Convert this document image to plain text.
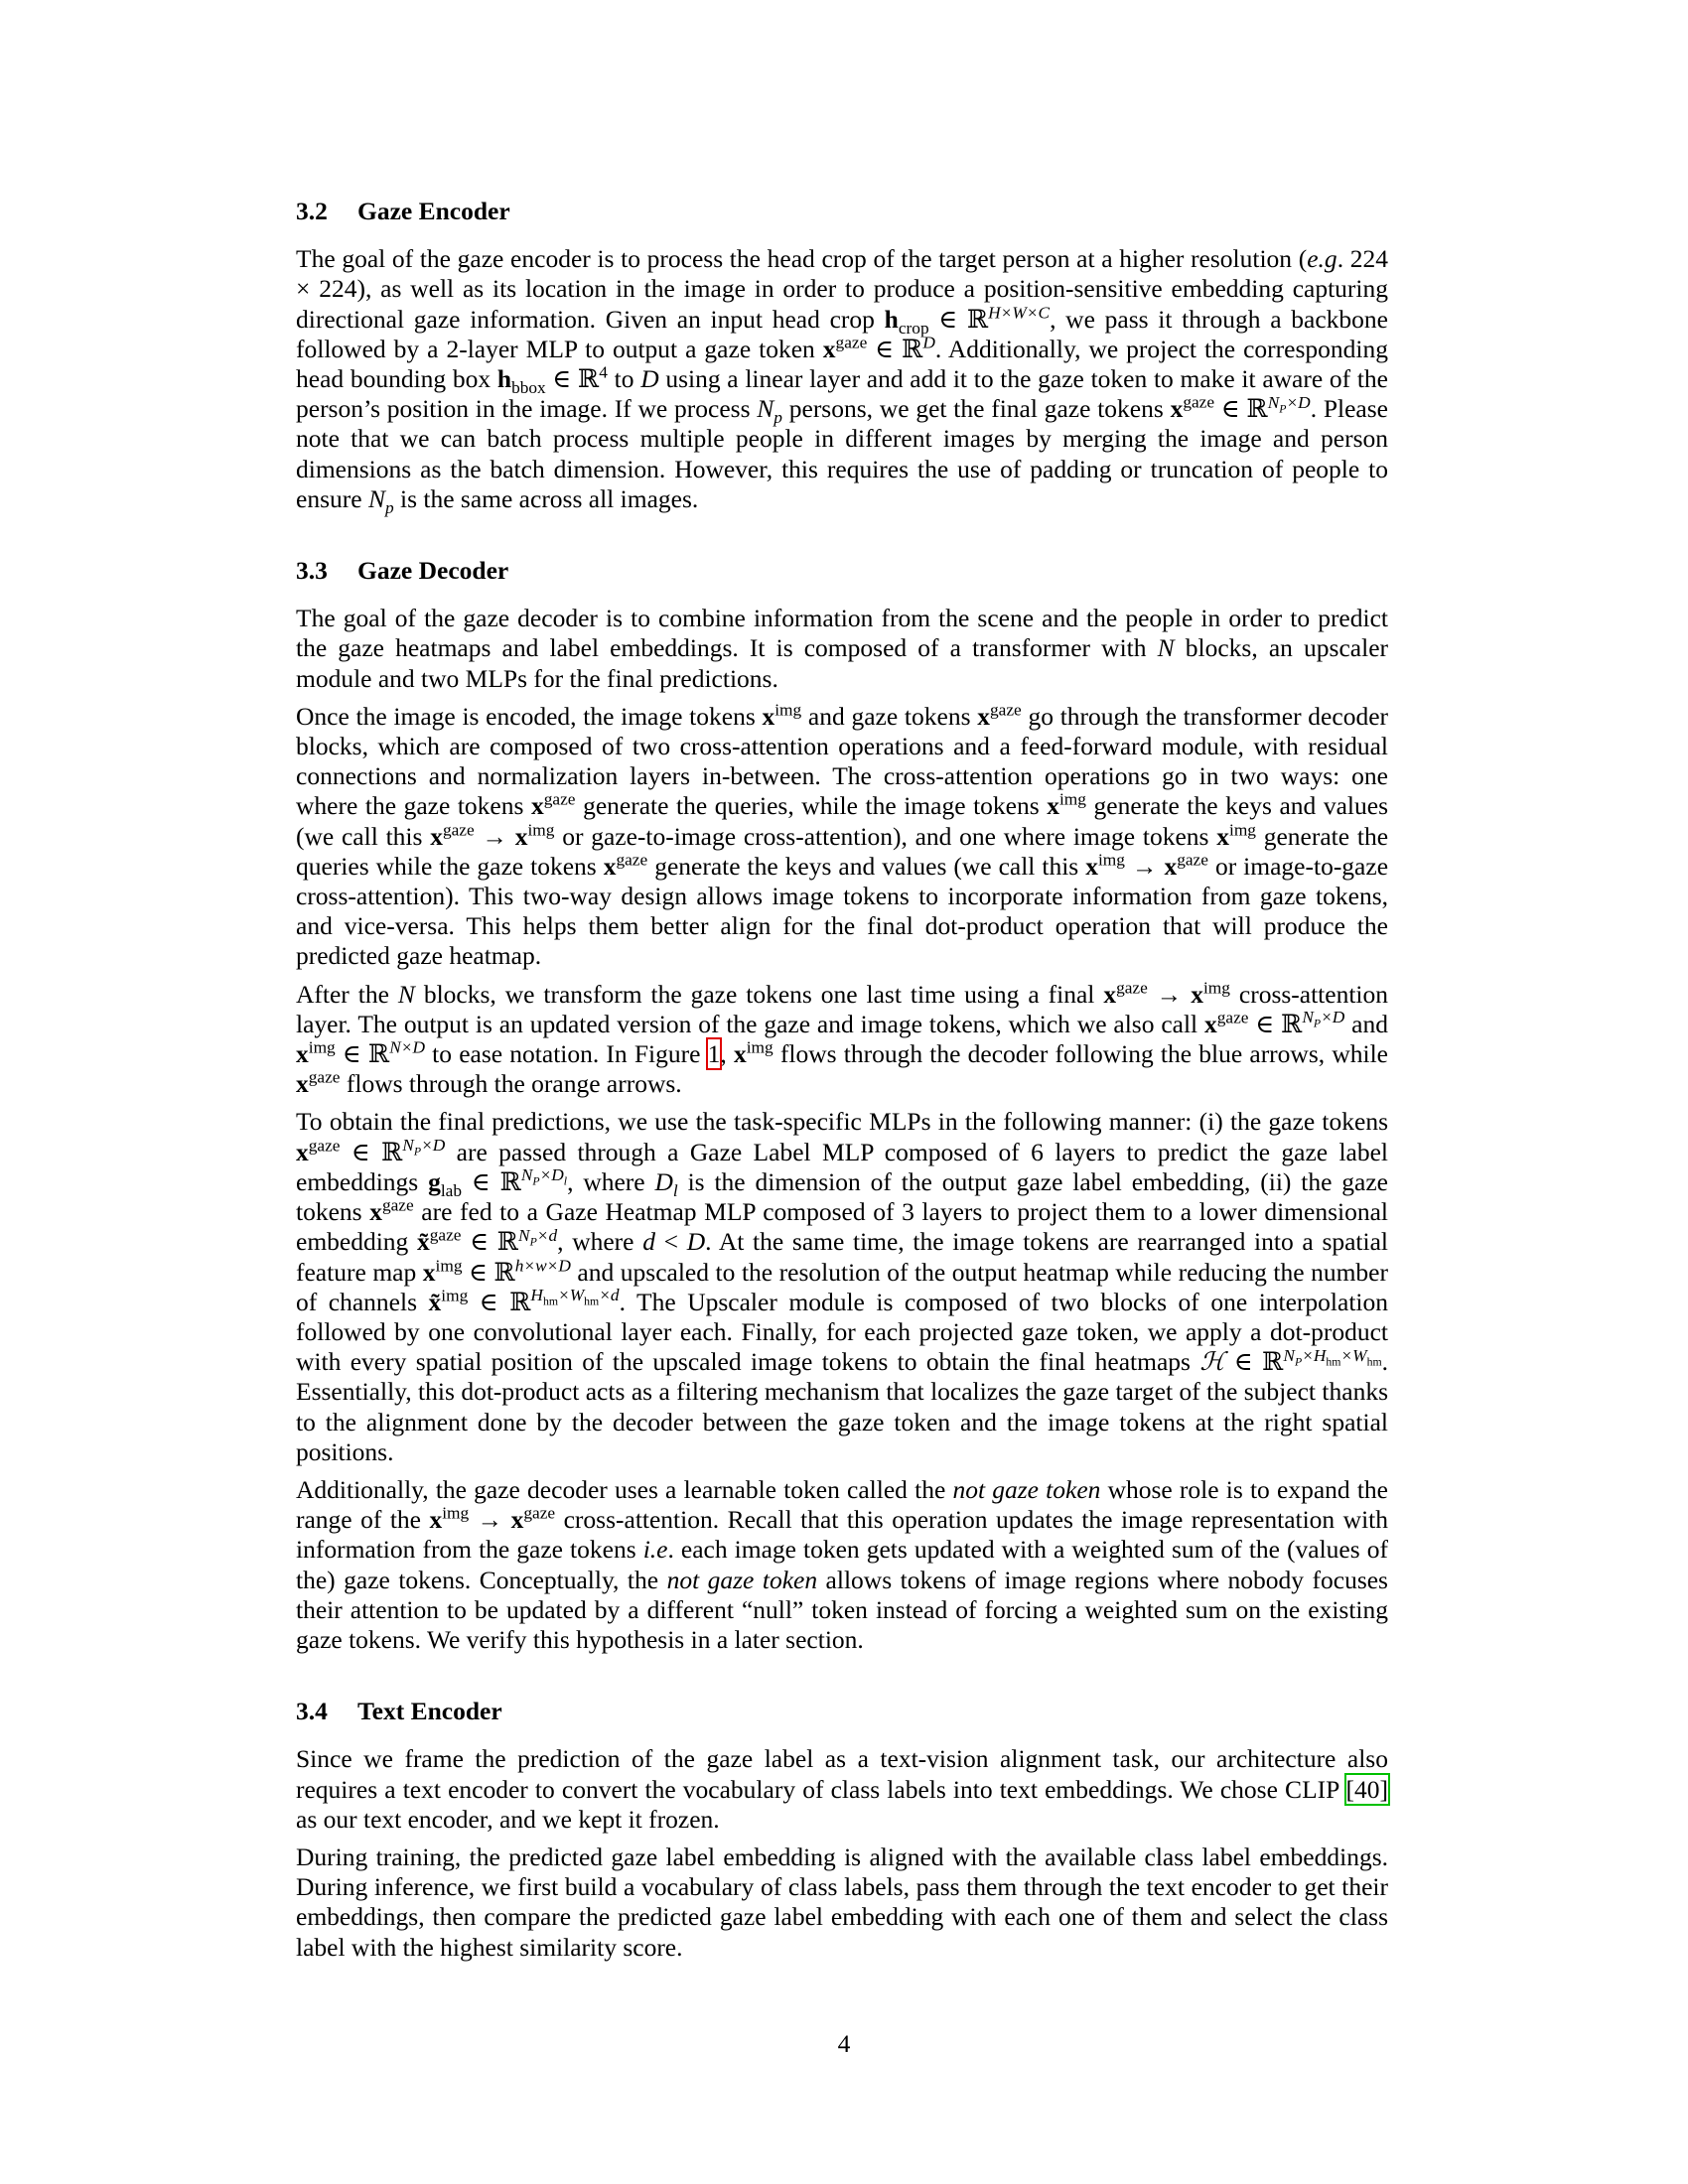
3.2 Gaze Encoder

The goal of the gaze encoder is to process the head crop of the target person at a higher resolution (e.g. 224 × 224), as well as its location in the image in order to produce a position-sensitive embedding capturing directional gaze information. Given an input head crop $h_{crop}$ ∈ ℝ$^{H\times W\times C}$, we pass it through a backbone followed by a 2-layer MLP to output a gaze token $x^{gaze}$ ∈ ℝ$^D$. Additionally, we project the corresponding head bounding box $h_{bbox}$ ∈ ℝ$^4$ to D using a linear layer and add it to the gaze token to make it aware of the person’s position in the image. If we process $N_p$ persons, we get the final gaze tokens $x^{gaze}$ ∈ ℝ$^{N_P\times D}$. Please note that we can batch process multiple people in different images by merging the image and person dimensions as the batch dimension. However, this requires the use of padding or truncation of people to ensure $N_p$ is the same across all images.

3.3 Gaze Decoder

The goal of the gaze decoder is to combine information from the scene and the people in order to predict the gaze heatmaps and label embeddings. It is composed of a transformer with N blocks, an upscaler module and two MLPs for the final predictions.

Once the image is encoded, the image tokens $x^{img}$ and gaze tokens $x^{gaze}$ go through the transformer decoder blocks, which are composed of two cross-attention operations and a feed-forward module, with residual connections and normalization layers in-between. The cross-attention operations go in two ways: one where the gaze tokens $x^{gaze}$ generate the queries, while the image tokens $x^{img}$ generate the keys and values (we call this $x^{gaze} \to x^{img}$ or gaze-to-image cross-attention), and one where image tokens $x^{img}$ generate the queries while the gaze tokens $x^{gaze}$ generate the keys and values (we call this $x^{img} \to x^{gaze}$ or image-to-gaze cross-attention). This two-way design allows image tokens to incorporate information from gaze tokens, and vice-versa. This helps them better align for the final dot-product operation that will produce the predicted gaze heatmap.

After the N blocks, we transform the gaze tokens one last time using a final $x^{gaze} \to x^{img}$ cross-attention layer. The output is an updated version of the gaze and image tokens, which we also call $x^{gaze}$ ∈ ℝ$^{N_P\times D}$ and $x^{img}$ ∈ ℝ$^{N\times D}$ to ease notation. In Figure 1, $x^{img}$ flows through the decoder following the blue arrows, while $x^{gaze}$ flows through the orange arrows.

To obtain the final predictions, we use the task-specific MLPs in the following manner: (i) the gaze tokens $x^{gaze}$ ∈ ℝ$^{N_P\times D}$ are passed through a Gaze Label MLP composed of 6 layers to predict the gaze label embeddings $g_{lab}$ ∈ ℝ$^{N_P\times D_l}$, where $D_l$ is the dimension of the output gaze label embedding, (ii) the gaze tokens $x^{gaze}$ are fed to a Gaze Heatmap MLP composed of 3 layers to project them to a lower dimensional embedding x̃$^{gaze}$ ∈ ℝ$^{N_P\times d}$, where d < D. At the same time, the image tokens are rearranged into a spatial feature map $x^{img}$ ∈ ℝ$^{h\times w\times D}$ and upscaled to the resolution of the output heatmap while reducing the number of channels x̃$^{img}$ ∈ ℝ$^{H_{hm}\times W_{hm}\times d}$. The Upscaler module is composed of two blocks of one interpolation followed by one convolutional layer each. Finally, for each projected gaze token, we apply a dot-product with every spatial position of the upscaled image tokens to obtain the final heatmaps ℋ ∈ ℝ$^{N_P\times H_{hm}\times W_{hm}}$. Essentially, this dot-product acts as a filtering mechanism that localizes the gaze target of the subject thanks to the alignment done by the decoder between the gaze token and the image tokens at the right spatial positions.

Additionally, the gaze decoder uses a learnable token called the not gaze token whose role is to expand the range of the $x^{img} \to x^{gaze}$ cross-attention. Recall that this operation updates the image representation with information from the gaze tokens i.e. each image token gets updated with a weighted sum of the (values of the) gaze tokens. Conceptually, the not gaze token allows tokens of image regions where nobody focuses their attention to be updated by a different “null” token instead of forcing a weighted sum on the existing gaze tokens. We verify this hypothesis in a later section.

3.4 Text Encoder

Since we frame the prediction of the gaze label as a text-vision alignment task, our architecture also requires a text encoder to convert the vocabulary of class labels into text embeddings. We chose CLIP [40] as our text encoder, and we kept it frozen.

During training, the predicted gaze label embedding is aligned with the available class label embeddings. During inference, we first build a vocabulary of class labels, pass them through the text encoder to get their embeddings, then compare the predicted gaze label embedding with each one of them and select the class label with the highest similarity score.

4
